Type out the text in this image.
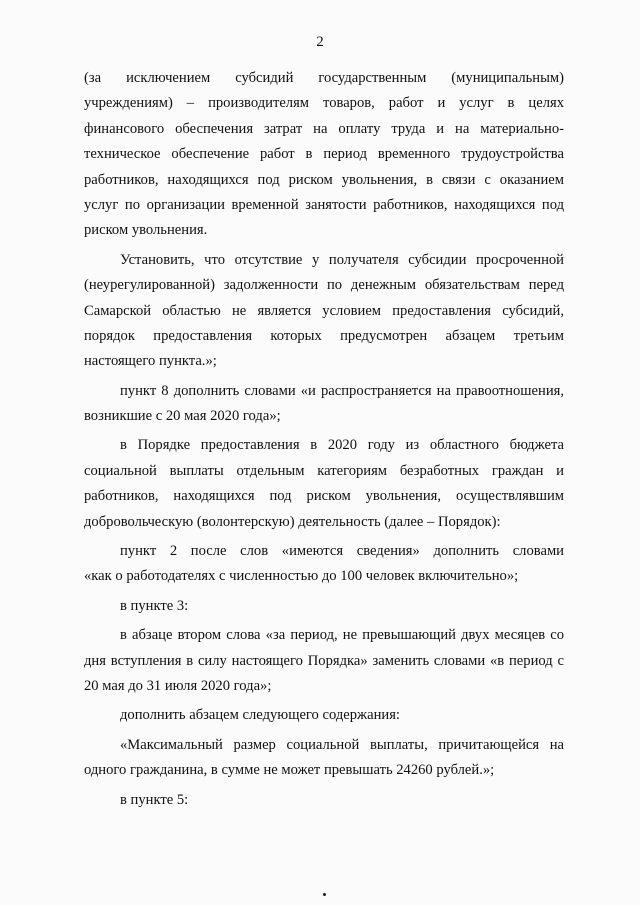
2
(за исключением субсидий государственным (муниципальным)
учреждениям) – производителям товаров, работ и услуг в целях
финансового обеспечения затрат на оплату труда и на материально-
техническое обеспечение работ в период временного трудоустройства
работников, находящихся под риском увольнения, в связи с оказанием
услуг по организации временной занятости работников, находящихся под
риском увольнения.
Установить, что отсутствие у получателя субсидии просроченной
(неурегулированной) задолженности по денежным обязательствам перед
Самарской областью не является условием предоставления субсидий,
порядок предоставления которых предусмотрен абзацем третьим
настоящего пункта.»;
пункт 8 дополнить словами «и распространяется на правоотношения,
возникшие с 20 мая 2020 года»;
в Порядке предоставления в 2020 году из областного бюджета
социальной выплаты отдельным категориям безработных граждан и
работников, находящихся под риском увольнения, осуществлявшим
добровольческую (волонтерскую) деятельность (далее – Порядок):
пункт 2 после слов «имеются сведения» дополнить словами
«как о работодателях с численностью до 100 человек включительно»;
в пункте 3:
в абзаце втором слова «за период, не превышающий двух месяцев со
дня вступления в силу настоящего Порядка» заменить словами «в период с
20 мая до 31 июля 2020 года»;
дополнить абзацем следующего содержания:
«Максимальный размер социальной выплаты, причитающейся на
одного гражданина, в сумме не может превышать 24260 рублей.»;
в пункте 5:
